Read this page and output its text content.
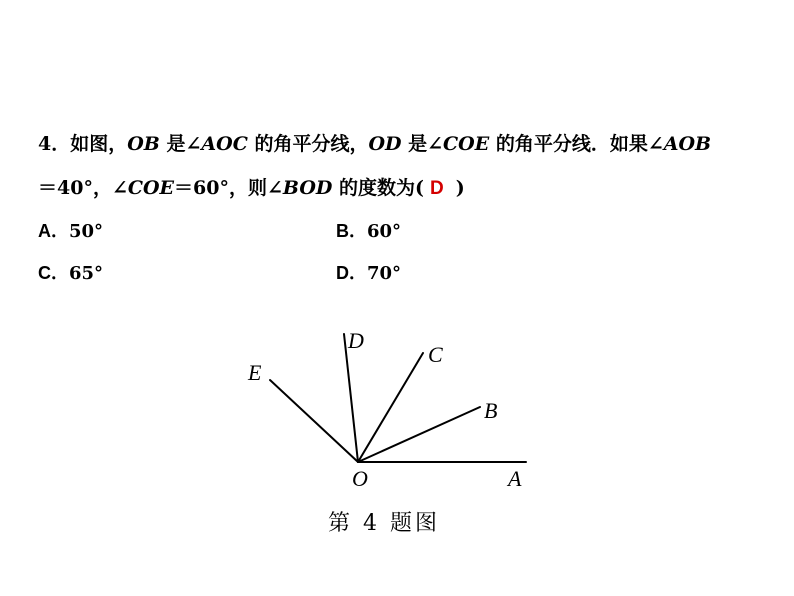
4．如图，OB 是∠AOC 的角平分线，OD 是∠COE 的角平分线．如果∠AOB
＝40°，∠COE＝60°，则∠BOD 的度数为( D )
A．50°	B．60°
C．65°	D．70°
O	A
B
C
D
E
第 4 题图
